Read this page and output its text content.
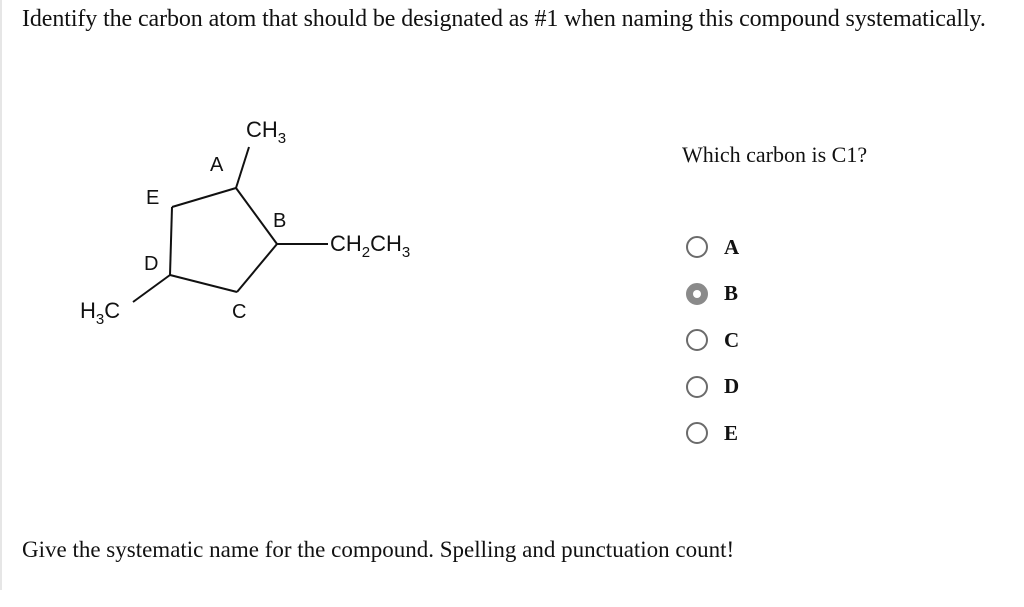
Identify the carbon atom that should be designated as #1 when naming this compound systematically.
$CH_3$
$CH_2CH_3$
$H_3C$
A
B
C
D
E
Which carbon is C1?
A
B
C
D
E
Give the systematic name for the compound. Spelling and punctuation count!
